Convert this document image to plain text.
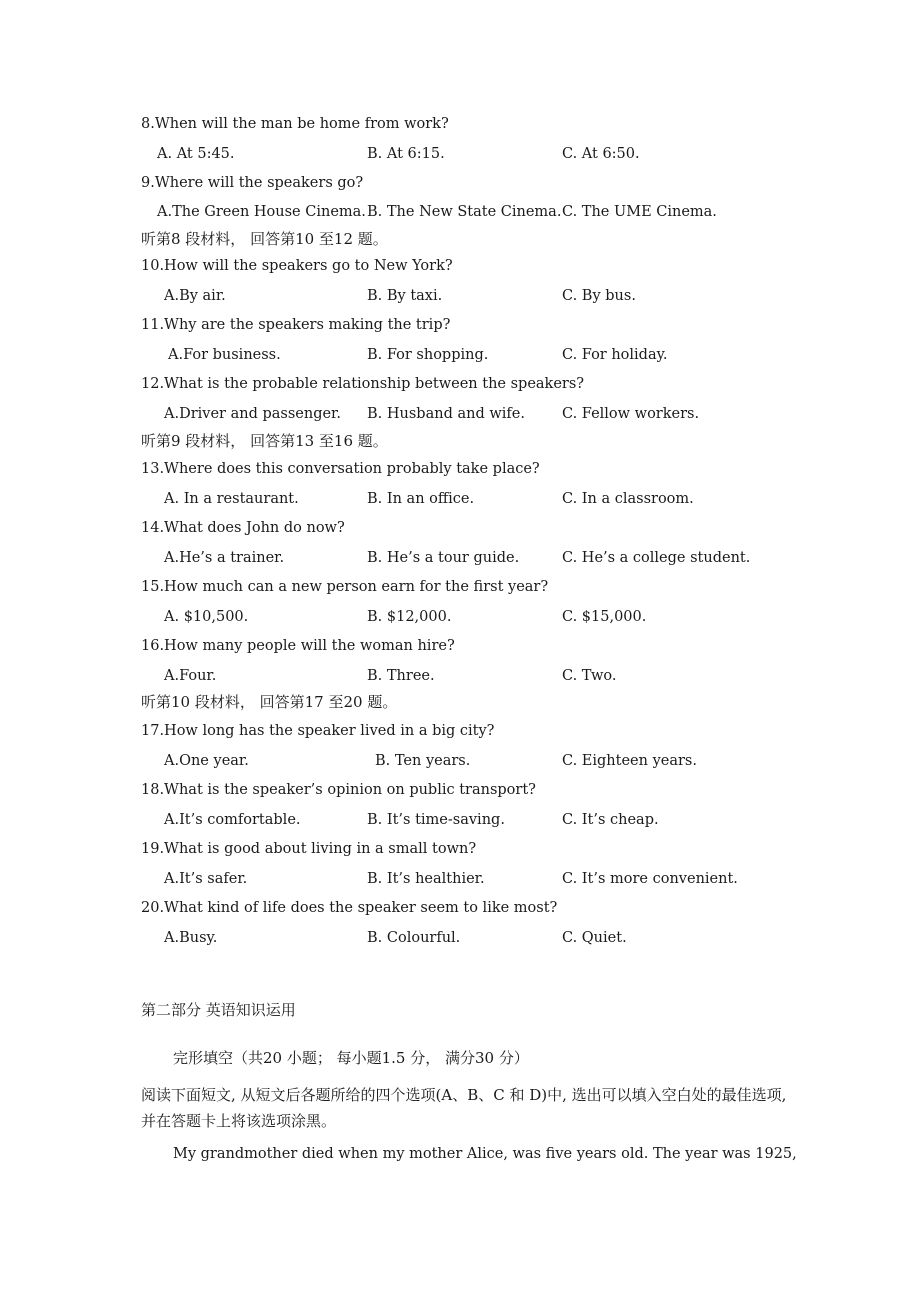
8.When will the man be home from work?
A. At 5:45.	B. At 6:15.	C. At 6:50.
9.Where will the speakers go?
A.The Green House Cinema. B. The New State Cinema. C. The UME Cinema.
听第8 段材料， 回答第10 至12 题。
10.How will the speakers go to New York?
A.By air.	B. By taxi.	C. By bus.
11.Why are the speakers making the trip?
A.For business.	B. For shopping.	C. For holiday.
12.What is the probable relationship between the speakers?
A.Driver and passenger. B. Husband and wife.	C. Fellow workers.
听第9 段材料， 回答第13 至16 题。
13.Where does this conversation probably take place?
A. In a restaurant.	B. In an office.	C. In a classroom.
14.What does John do now?
A.He’s a trainer.	B. He’s a tour guide.	C. He’s a college student.
15.How much can a new person earn for the first year?
A. $10,500.	B. $12,000.	C. $15,000.
16.How many people will the woman hire?
A.Four.	B. Three.	C. Two.
听第10 段材料， 回答第17 至20 题。
17.How long has the speaker lived in a big city?
A.One year.	B. Ten years.	C. Eighteen years.
18.What is the speaker’s opinion on public transport?
A.It’s comfortable.	B. It’s time-saving.	C. It’s cheap.
19.What is good about living in a small town?
A.It’s safer.	B. It’s healthier.	C. It’s more convenient.
20.What kind of life does the speaker seem to like most?
A.Busy.	B. Colourful.	C. Quiet.
第二部分 英语知识运用
完形填空（共20 小题； 每小题1.5 分， 满分30 分）
阅读下面短文, 从短文后各题所给的四个选项(A、B、C 和 D)中, 选出可以填入空白处的最佳选项, 并在答题卡上将该选项涂黑。
My grandmother died when my mother Alice, was five years old. The year was 1925,
